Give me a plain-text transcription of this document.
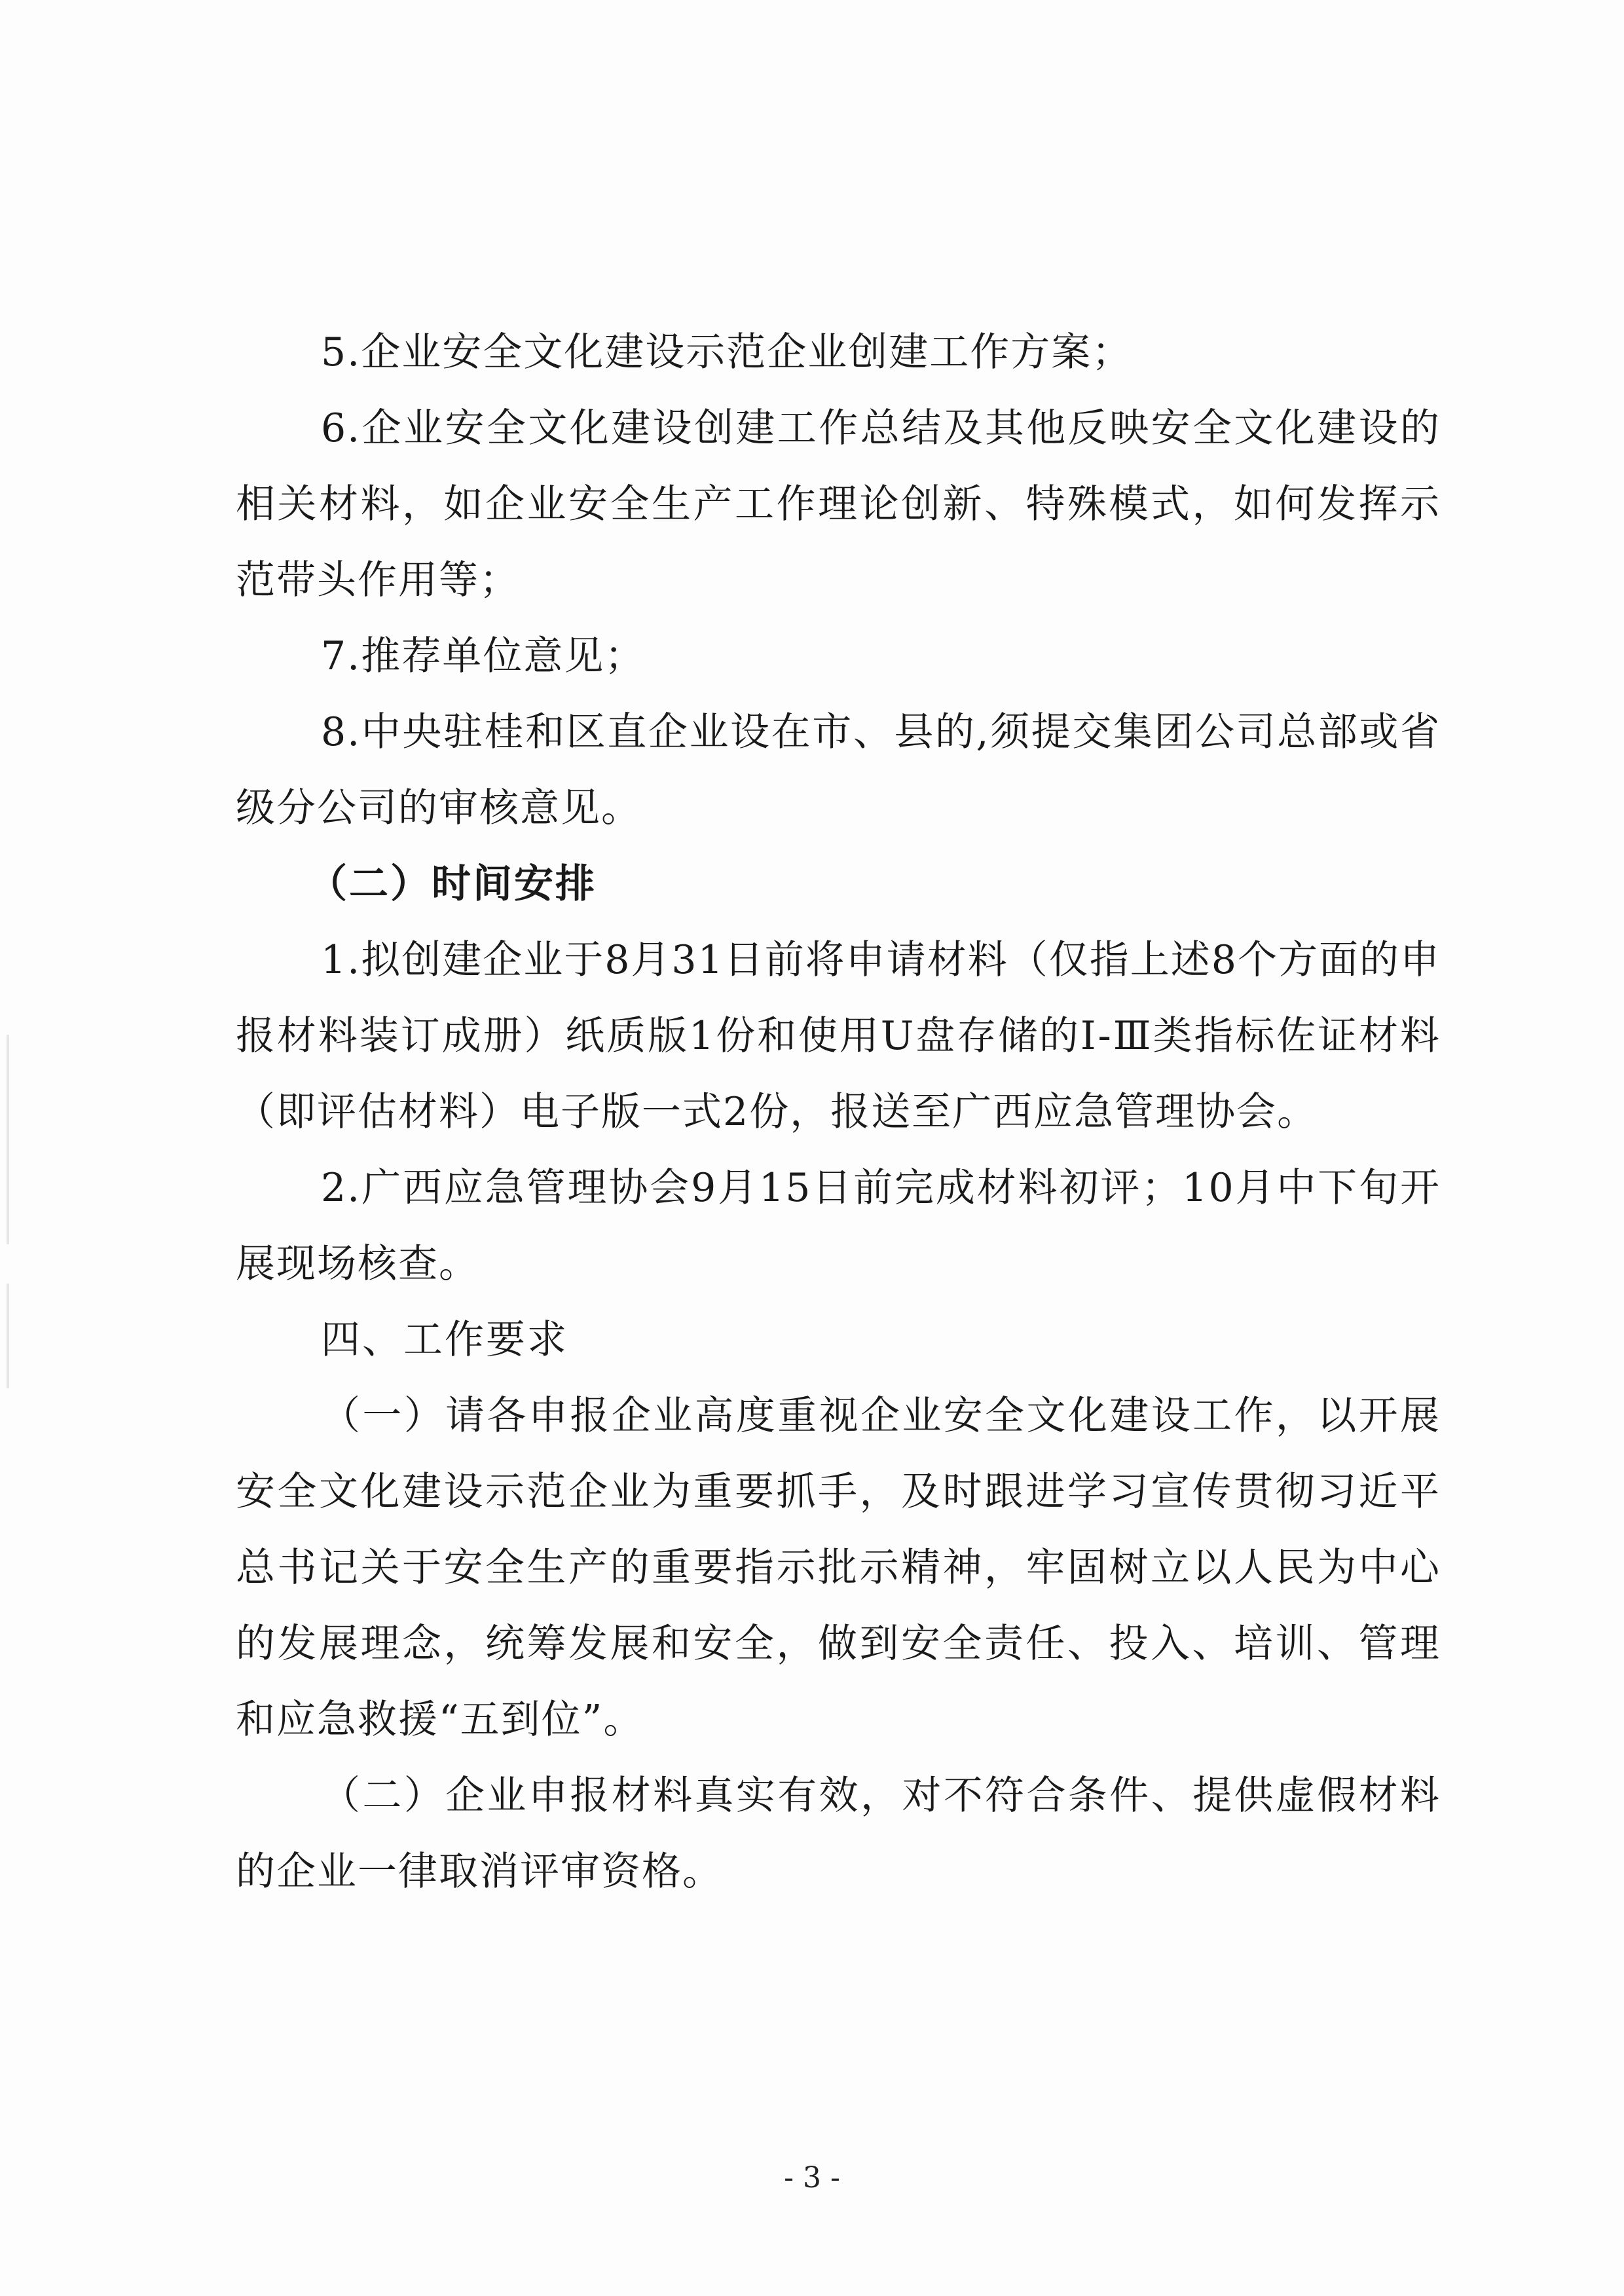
5.企业安全文化建设示范企业创建工作方案；

6.企业安全文化建设创建工作总结及其他反映安全文化建设的相关材料，如企业安全生产工作理论创新、特殊模式，如何发挥示范带头作用等；

7.推荐单位意见；

8.中央驻桂和区直企业设在市、县的,须提交集团公司总部或省级分公司的审核意见。

（二）时间安排

1.拟创建企业于8月31日前将申请材料（仅指上述8个方面的申报材料装订成册）纸质版1份和使用U盘存储的Ⅰ-Ⅲ类指标佐证材料（即评估材料）电子版一式2份，报送至广西应急管理协会。

2.广西应急管理协会9月15日前完成材料初评；10月中下旬开展现场核查。

四、工作要求

（一）请各申报企业高度重视企业安全文化建设工作，以开展安全文化建设示范企业为重要抓手，及时跟进学习宣传贯彻习近平总书记关于安全生产的重要指示批示精神，牢固树立以人民为中心的发展理念，统筹发展和安全，做到安全责任、投入、培训、管理和应急救援“五到位”。

（二）企业申报材料真实有效，对不符合条件、提供虚假材料的企业一律取消评审资格。

- 3 -
